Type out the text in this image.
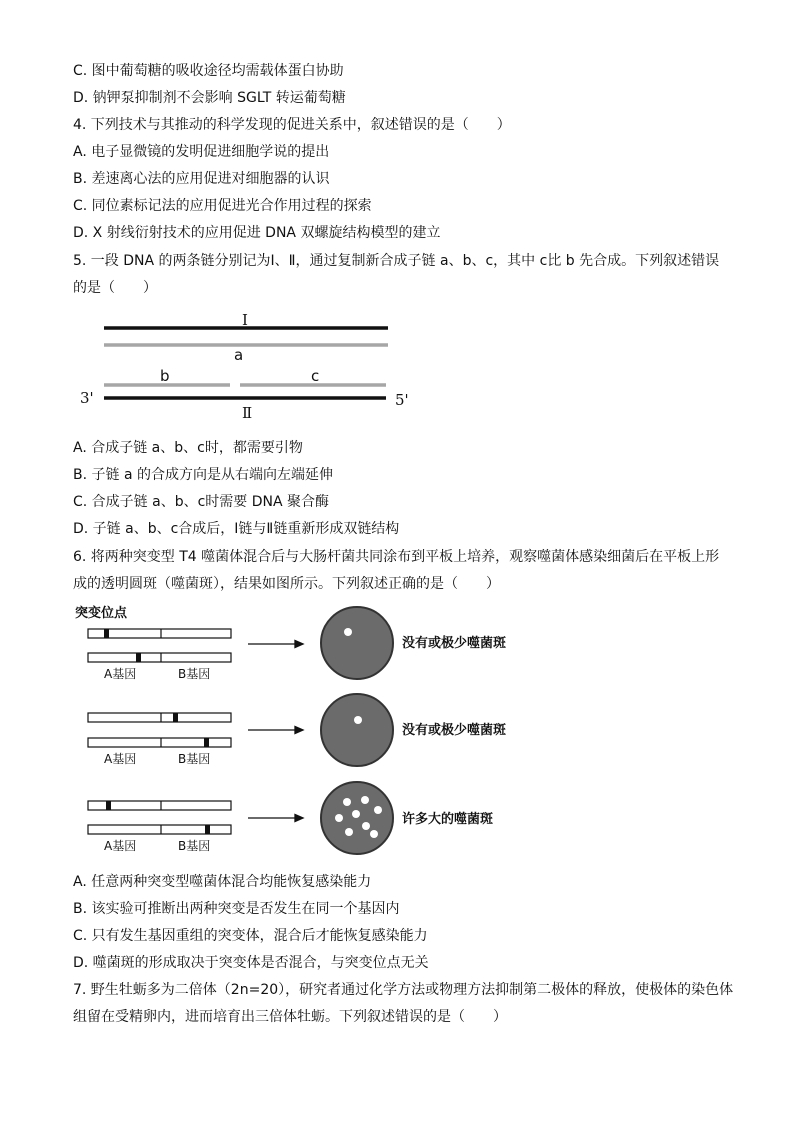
C. 图中葡萄糖的吸收途径均需载体蛋白协助
D. 钠钾泵抑制剂不会影响 SGLT 转运葡萄糖
4. 下列技术与其推动的科学发现的促进关系中，叙述错误的是（　　）
A. 电子显微镜的发明促进细胞学说的提出
B. 差速离心法的应用促进对细胞器的认识
C. 同位素标记法的应用促进光合作用过程的探索
D. X 射线衍射技术的应用促进 DNA 双螺旋结构模型的建立
5. 一段 DNA 的两条链分别记为Ⅰ、Ⅱ，通过复制新合成子链 a、b、c，其中 c比 b 先合成。下列叙述错误
的是（　　）
Ⅰ
a
b	c
3'	5'
Ⅱ
A. 合成子链 a、b、c时，都需要引物
B. 子链 a 的合成方向是从右端向左端延伸
C. 合成子链 a、b、c时需要 DNA 聚合酶
D. 子链 a、b、c合成后，Ⅰ链与Ⅱ链重新形成双链结构
6. 将两种突变型 T4 噬菌体混合后与大肠杆菌共同涂布到平板上培养，观察噬菌体感染细菌后在平板上形
成的透明圆斑（噬菌斑），结果如图所示。下列叙述正确的是（　　）
突变位点
A基因	B基因
A基因	B基因
A基因	B基因
没有或极少噬菌斑
没有或极少噬菌斑
许多大的噬菌斑
A. 任意两种突变型噬菌体混合均能恢复感染能力
B. 该实验可推断出两种突变是否发生在同一个基因内
C. 只有发生基因重组的突变体，混合后才能恢复感染能力
D. 噬菌斑的形成取决于突变体是否混合，与突变位点无关
7. 野生牡蛎多为二倍体（2n=20），研究者通过化学方法或物理方法抑制第二极体的释放，使极体的染色体
组留在受精卵内，进而培育出三倍体牡蛎。下列叙述错误的是（　　）
